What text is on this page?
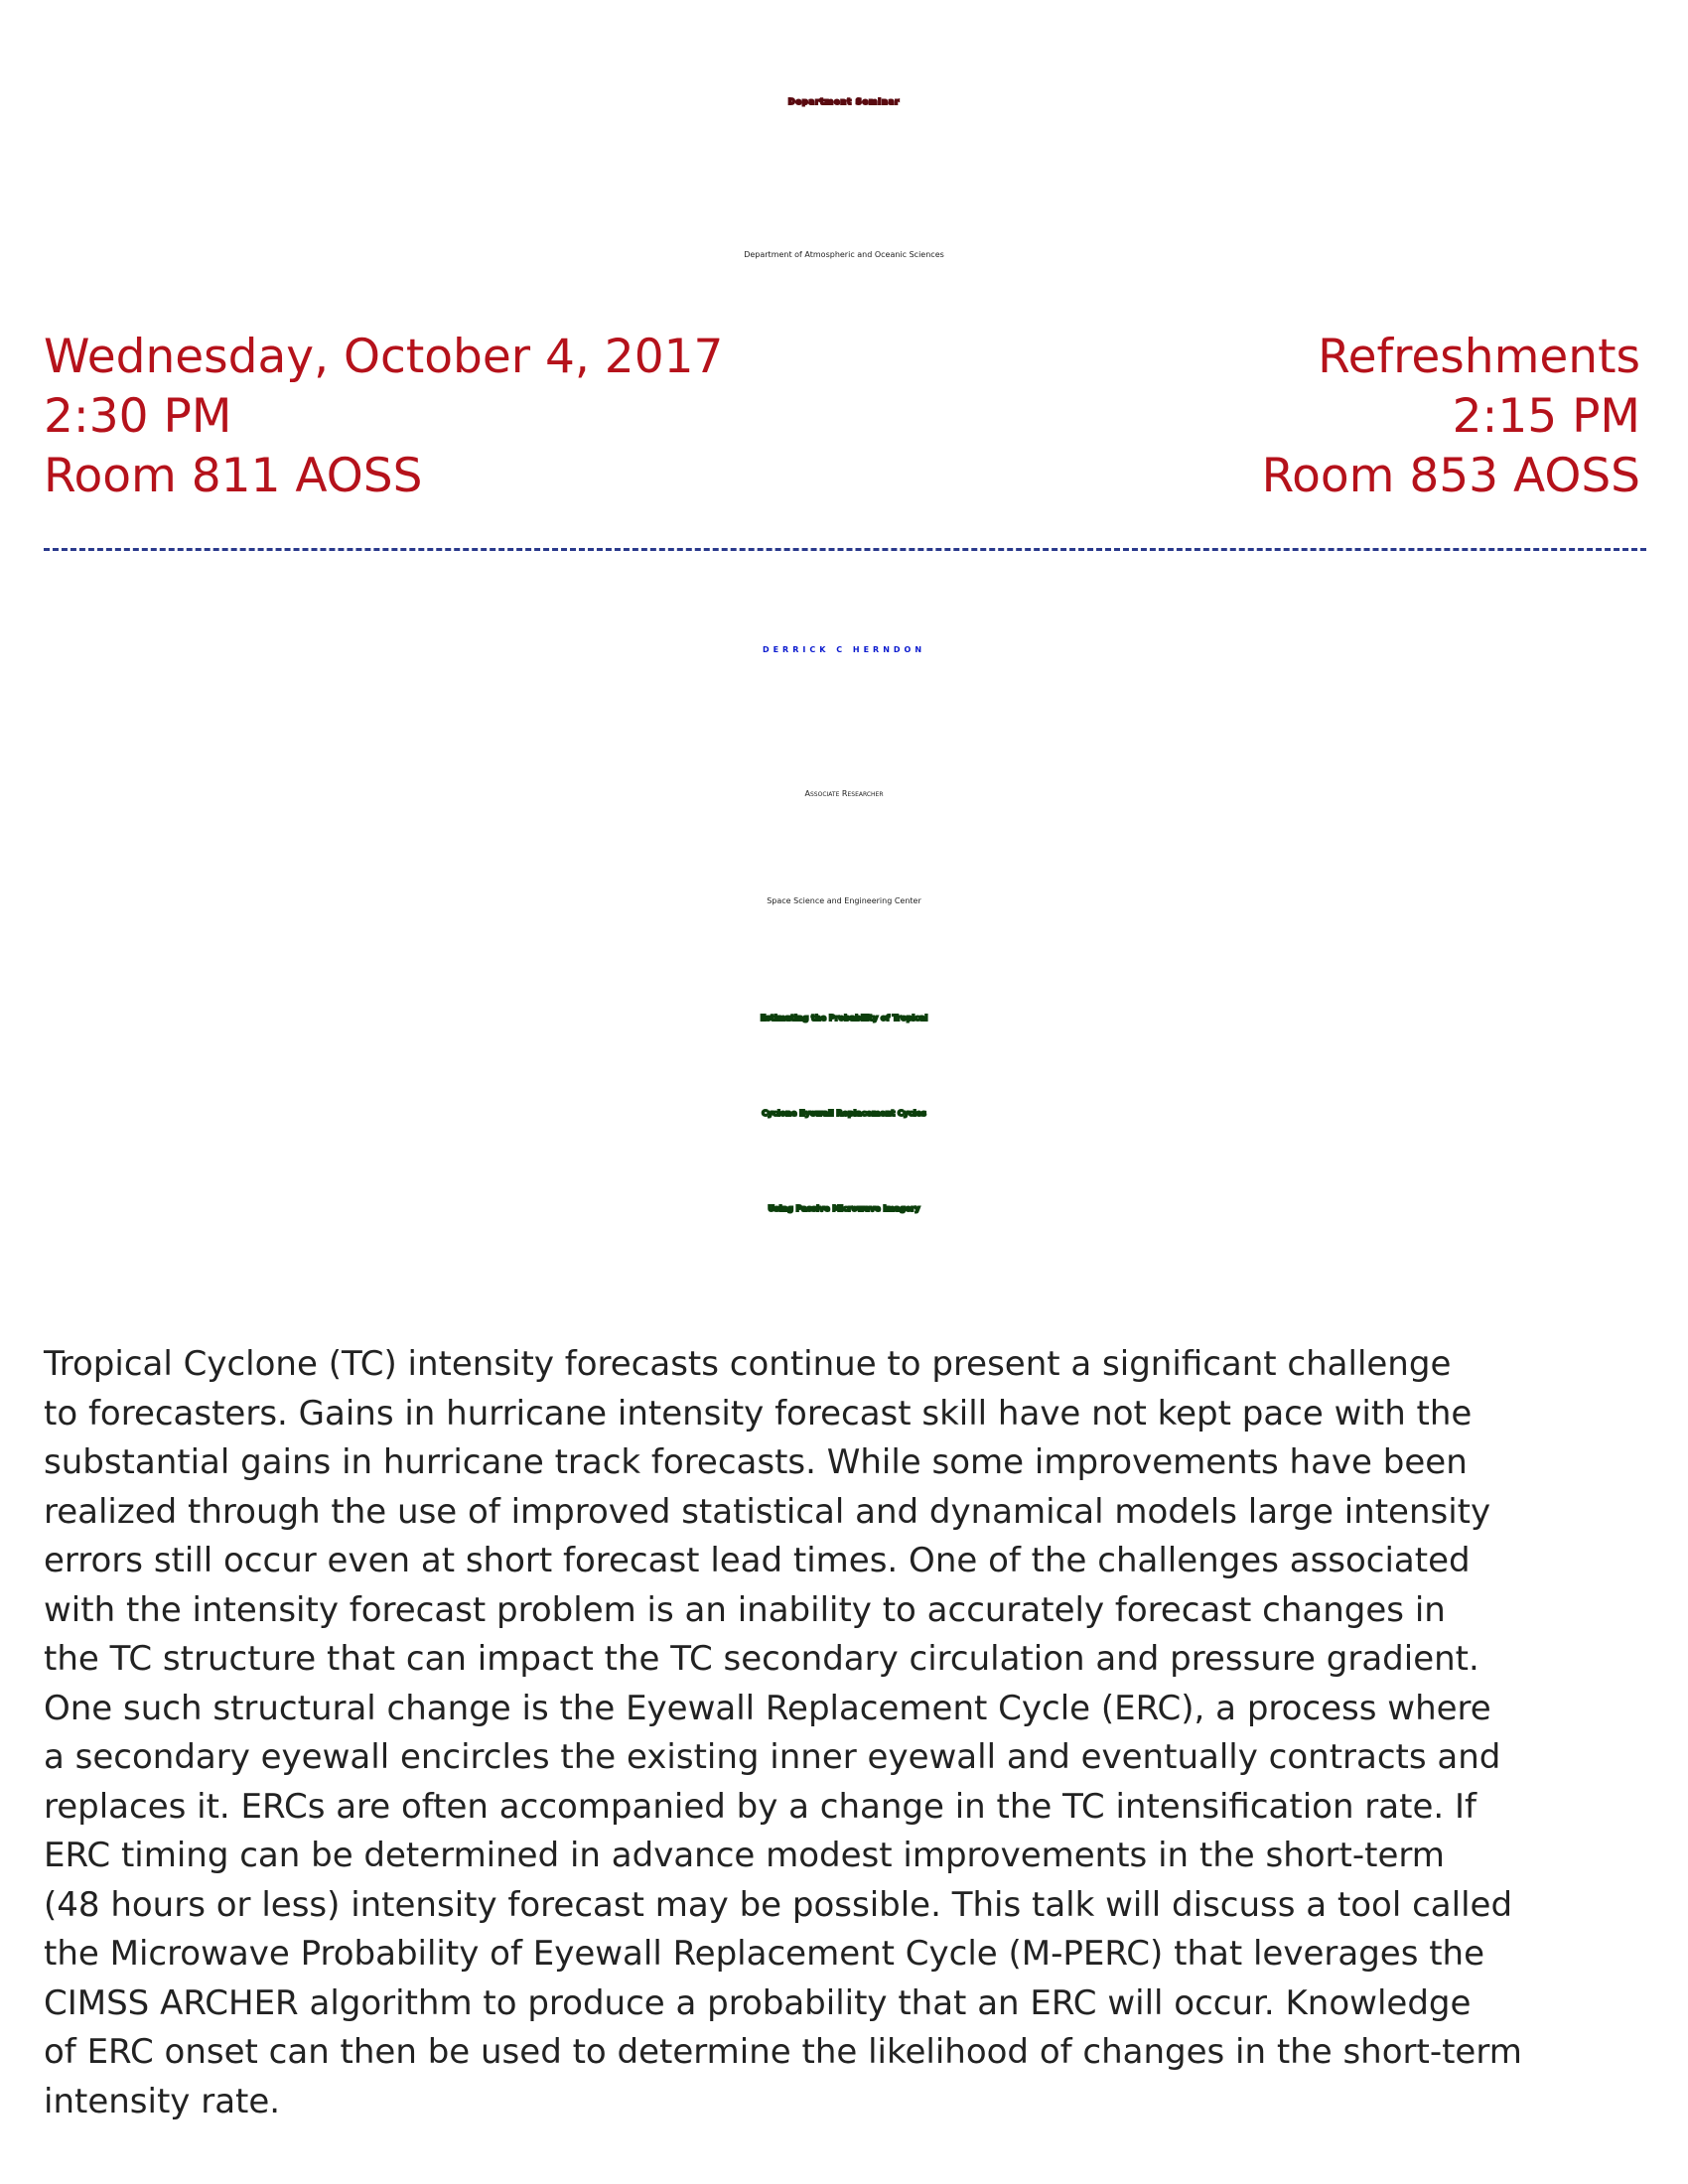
Department Seminar
Department of Atmospheric and Oceanic Sciences
Wednesday, October 4, 2017
2:30 PM
Room 811 AOSS
Refreshments
2:15 PM
Room 853 AOSS
DERRICK C HERNDON
Associate Researcher
Space Science and Engineering Center
Estimating the Probability of Tropical
Cyclone Eyewall Replacement Cycles
Using Passive Microwave Imagery
Tropical Cyclone (TC) intensity forecasts continue to present a significant challenge
to forecasters. Gains in hurricane intensity forecast skill have not kept pace with the
substantial gains in hurricane track forecasts. While some improvements have been
realized through the use of improved statistical and dynamical models large intensity
errors still occur even at short forecast lead times. One of the challenges associated
with the intensity forecast problem is an inability to accurately forecast changes in
the TC structure that can impact the TC secondary circulation and pressure gradient.
One such structural change is the Eyewall Replacement Cycle (ERC), a process where
a secondary eyewall encircles the existing inner eyewall and eventually contracts and
replaces it. ERCs are often accompanied by a change in the TC intensification rate. If
ERC timing can be determined in advance modest improvements in the short-term
(48 hours or less) intensity forecast may be possible. This talk will discuss a tool called
the Microwave Probability of Eyewall Replacement Cycle (M-PERC) that leverages the
CIMSS ARCHER algorithm to produce a probability that an ERC will occur. Knowledge
of ERC onset can then be used to determine the likelihood of changes in the short-term
intensity rate.
